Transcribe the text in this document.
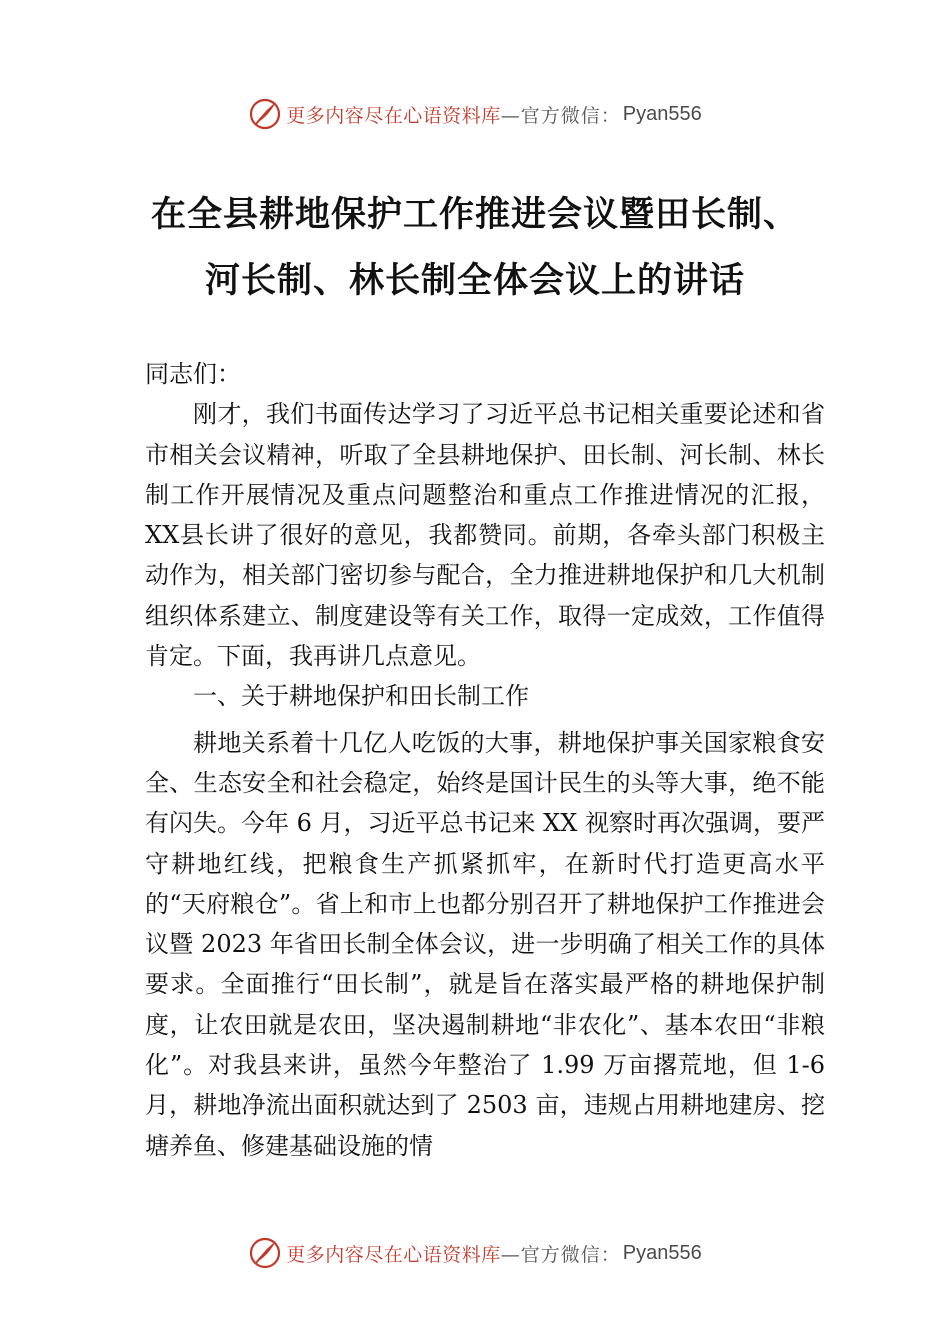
更多内容尽在心语资料库 —官方微信： Pyan556
在全县耕地保护工作推进会议暨田长制、
河长制、林长制全体会议上的讲话

同志们：

刚才，我们书面传达学习了习近平总书记相关重要论述和省市相关会议精神，听取了全县耕地保护、田长制、河长制、林长制工作开展情况及重点问题整治和重点工作推进情况的汇报，XX县长讲了很好的意见，我都赞同。前期，各牵头部门积极主动作为，相关部门密切参与配合，全力推进耕地保护和几大机制组织体系建立、制度建设等有关工作，取得一定成效，工作值得肯定。下面，我再讲几点意见。

一、关于耕地保护和田长制工作

耕地关系着十几亿人吃饭的大事，耕地保护事关国家粮食安全、生态安全和社会稳定，始终是国计民生的头等大事，绝不能有闪失。今年 6 月，习近平总书记来 XX 视察时再次强调，要严守耕地红线，把粮食生产抓紧抓牢，在新时代打造更高水平的“天府粮仓”。省上和市上也都分别召开了耕地保护工作推进会议暨 2023 年省田长制全体会议，进一步明确了相关工作的具体要求。全面推行“田长制”，就是旨在落实最严格的耕地保护制度，让农田就是农田，坚决遏制耕地“非农化”、基本农田“非粮化”。对我县来讲，虽然今年整治了 1.99 万亩撂荒地，但 1-6 月，耕地净流出面积就达到了 2503 亩，违规占用耕地建房、挖塘养鱼、修建基础设施的情

更多内容尽在心语资料库 —官方微信： Pyan556
